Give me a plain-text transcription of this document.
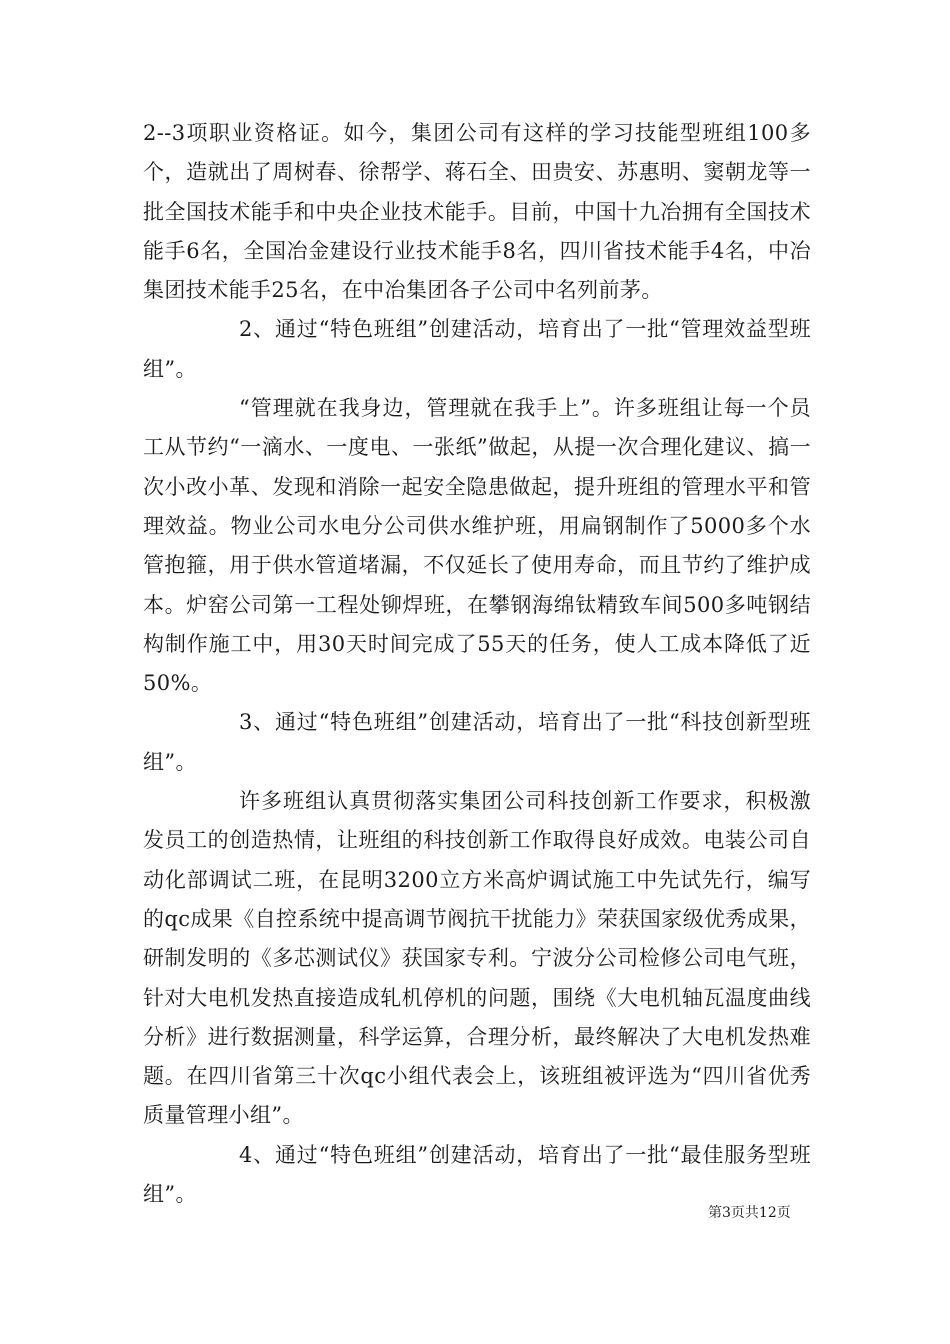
2--3项职业资格证。如今，集团公司有这样的学习技能型班组100多个，造就出了周树春、徐帮学、蒋石全、田贵安、苏惠明、窦朝龙等一批全国技术能手和中央企业技术能手。目前，中国十九冶拥有全国技术能手6名，全国冶金建设行业技术能手8名，四川省技术能手4名，中冶集团技术能手25名，在中冶集团各子公司中名列前茅。

2、通过“特色班组”创建活动，培育出了一批“管理效益型班组”。

“管理就在我身边，管理就在我手上”。许多班组让每一个员工从节约“一滴水、一度电、一张纸”做起，从提一次合理化建议、搞一次小改小革、发现和消除一起安全隐患做起，提升班组的管理水平和管理效益。物业公司水电分公司供水维护班，用扁钢制作了5000多个水管抱箍，用于供水管道堵漏，不仅延长了使用寿命，而且节约了维护成本。炉窑公司第一工程处铆焊班，在攀钢海绵钛精致车间500多吨钢结构制作施工中，用30天时间完成了55天的任务，使人工成本降低了近50%。

3、通过“特色班组”创建活动，培育出了一批“科技创新型班组”。

许多班组认真贯彻落实集团公司科技创新工作要求，积极激发员工的创造热情，让班组的科技创新工作取得良好成效。电装公司自动化部调试二班，在昆明3200立方米高炉调试施工中先试先行，编写的qc成果《自控系统中提高调节阀抗干扰能力》荣获国家级优秀成果，研制发明的《多芯测试仪》获国家专利。宁波分公司检修公司电气班，针对大电机发热直接造成轧机停机的问题，围绕《大电机轴瓦温度曲线分析》进行数据测量，科学运算，合理分析，最终解决了大电机发热难题。在四川省第三十次qc小组代表会上，该班组被评选为“四川省优秀质量管理小组”。

4、通过“特色班组”创建活动，培育出了一批“最佳服务型班组”。

第3页共12页
